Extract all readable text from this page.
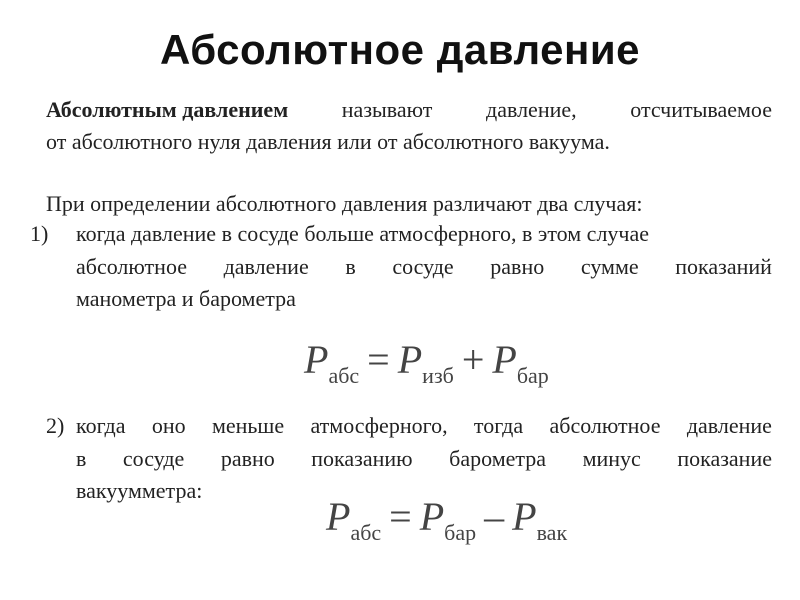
Абсолютное давление
Абсолютным давлением называют давление, отсчитываемое
от абсолютного нуля давления или от абсолютного вакуума.
При определении абсолютного давления различают два случая:
1) когда давление в сосуде больше атмосферного, в этом случае
абсолютное давление в сосуде равно сумме показаний
манометра и барометра
$P_{абс} = P_{изб} + P_{бар}$
2) когда оно меньше атмосферного, тогда абсолютное давление
в сосуде равно показанию барометра минус показание
вакуумметра:
$P_{абс} = P_{бар} - P_{вак}$
